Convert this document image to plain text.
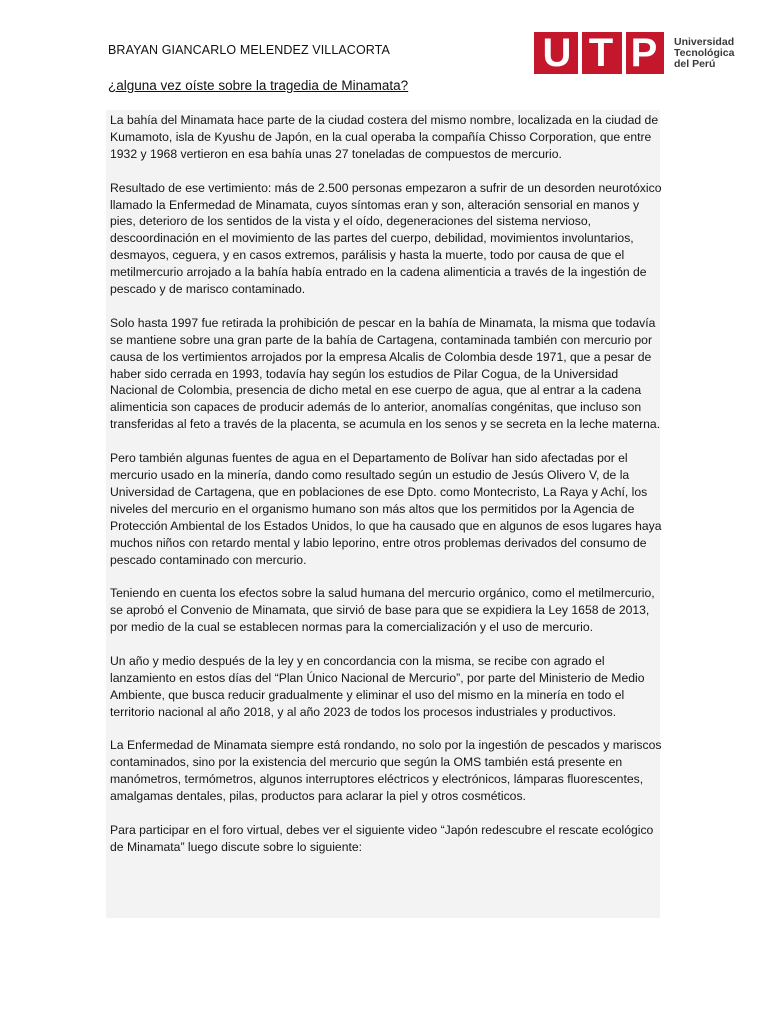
BRAYAN GIANCARLO MELENDEZ VILLACORTA	U T P	Universidad
Tecnológica
del Perú
¿alguna vez oíste sobre la tragedia de Minamata?

La bahía del Minamata hace parte de la ciudad costera del mismo nombre, localizada en la ciudad de Kumamoto, isla de Kyushu de Japón, en la cual operaba la compañía Chisso Corporation, que entre 1932 y 1968 vertieron en esa bahía unas 27 toneladas de compuestos de mercurio.

Resultado de ese vertimiento: más de 2.500 personas empezaron a sufrir de un desorden neurotóxico llamado la Enfermedad de Minamata, cuyos síntomas eran y son, alteración sensorial en manos y pies, deterioro de los sentidos de la vista y el oído, degeneraciones del sistema nervioso, descoordinación en el movimiento de las partes del cuerpo, debilidad, movimientos involuntarios, desmayos, ceguera, y en casos extremos, parálisis y hasta la muerte, todo por causa de que el metilmercurio arrojado a la bahía había entrado en la cadena alimenticia a través de la ingestión de pescado y de marisco contaminado.

Solo hasta 1997 fue retirada la prohibición de pescar en la bahía de Minamata, la misma que todavía se mantiene sobre una gran parte de la bahía de Cartagena, contaminada también con mercurio por causa de los vertimientos arrojados por la empresa Alcalis de Colombia desde 1971, que a pesar de haber sido cerrada en 1993, todavía hay según los estudios de Pilar Cogua, de la Universidad Nacional de Colombia, presencia de dicho metal en ese cuerpo de agua, que al entrar a la cadena alimenticia son capaces de producir además de lo anterior, anomalías congénitas, que incluso son transferidas al feto a través de la placenta, se acumula en los senos y se secreta en la leche materna.

Pero también algunas fuentes de agua en el Departamento de Bolívar han sido afectadas por el mercurio usado en la minería, dando como resultado según un estudio de Jesús Olivero V, de la Universidad de Cartagena, que en poblaciones de ese Dpto. como Montecristo, La Raya y Achí, los niveles del mercurio en el organismo humano son más altos que los permitidos por la Agencia de Protección Ambiental de los Estados Unidos, lo que ha causado que en algunos de esos lugares haya muchos niños con retardo mental y labio leporino, entre otros problemas derivados del consumo de pescado contaminado con mercurio.

Teniendo en cuenta los efectos sobre la salud humana del mercurio orgánico, como el metilmercurio, se aprobó el Convenio de Minamata, que sirvió de base para que se expidiera la Ley 1658 de 2013, por medio de la cual se establecen normas para la comercialización y el uso de mercurio.

Un año y medio después de la ley y en concordancia con la misma, se recibe con agrado el lanzamiento en estos días del “Plan Único Nacional de Mercurio”, por parte del Ministerio de Medio Ambiente, que busca reducir gradualmente y eliminar el uso del mismo en la minería en todo el territorio nacional al año 2018, y al año 2023 de todos los procesos industriales y productivos.

La Enfermedad de Minamata siempre está rondando, no solo por la ingestión de pescados y mariscos contaminados, sino por la existencia del mercurio que según la OMS también está presente en manómetros, termómetros, algunos interruptores eléctricos y electrónicos, lámparas fluorescentes, amalgamas dentales, pilas, productos para aclarar la piel y otros cosméticos.

Para participar en el foro virtual, debes ver el siguiente video “Japón redescubre el rescate ecológico de Minamata” luego discute sobre lo siguiente:
